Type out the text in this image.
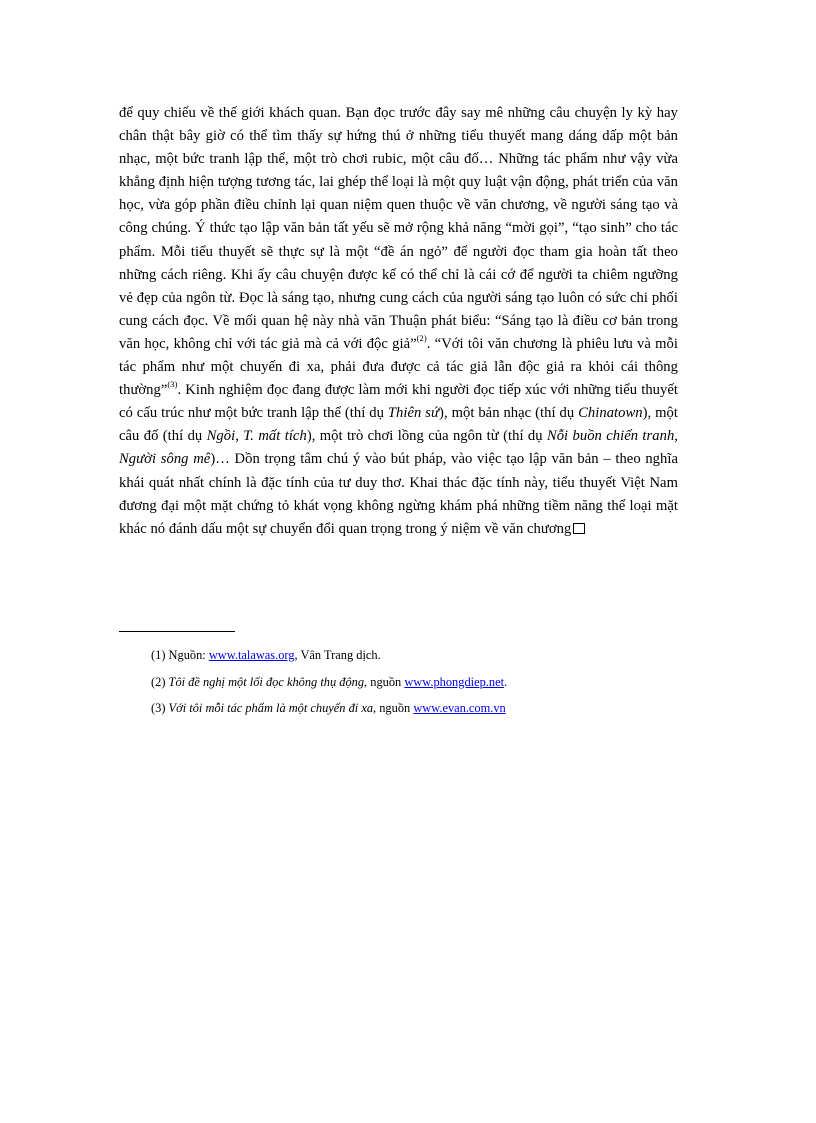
để quy chiếu về thế giới khách quan. Bạn đọc trước đây say mê những câu chuyện ly kỳ hay chân thật bây giờ có thể tìm thấy sự hứng thú ở những tiểu thuyết mang dáng dấp một bản nhạc, một bức tranh lập thể, một trò chơi rubic, một câu đố… Những tác phẩm như vậy vừa khẳng định hiện tượng tương tác, lai ghép thể loại là một quy luật vận động, phát triển của văn học, vừa góp phần điều chỉnh lại quan niệm quen thuộc về văn chương, về người sáng tạo và công chúng. Ý thức tạo lập văn bản tất yếu sẽ mở rộng khả năng “mời gọi”, “tạo sinh” cho tác phẩm. Mỗi tiểu thuyết sẽ thực sự là một “đề án ngỏ” để người đọc tham gia hoàn tất theo những cách riêng. Khi ấy câu chuyện được kể có thể chỉ là cái cớ để người ta chiêm ngưỡng vẻ đẹp của ngôn từ. Đọc là sáng tạo, nhưng cung cách của người sáng tạo luôn có sức chi phối cung cách đọc. Về mối quan hệ này nhà văn Thuận phát biểu: “Sáng tạo là điều cơ bản trong văn học, không chỉ với tác giả mà cả với độc giả”$^{(2)}$. “Với tôi văn chương là phiêu lưu và mỗi tác phẩm như một chuyến đi xa, phải đưa được cả tác giả lẫn độc giả ra khỏi cái thông thường”$^{(3)}$. Kinh nghiệm đọc đang được làm mới khi người đọc tiếp xúc với những tiểu thuyết có cấu trúc như một bức tranh lập thể (thí dụ Thiên sứ), một bản nhạc (thí dụ Chinatown), một câu đố (thí dụ Ngồi, T. mất tích), một trò chơi lồng của ngôn từ (thí dụ Nỗi buồn chiến tranh, Người sông mê)… Dồn trọng tâm chú ý vào bút pháp, vào việc tạo lập văn bản – theo nghĩa khái quát nhất chính là đặc tính của tư duy thơ. Khai thác đặc tính này, tiểu thuyết Việt Nam đương đại một mặt chứng tỏ khát vọng không ngừng khám phá những tiềm năng thể loại mặt khác nó đánh dấu một sự chuyển đổi quan trọng trong ý niệm về văn chương

(1) Nguồn: www.talawas.org, Vân Trang dịch.

(2) Tôi đề nghị một lối đọc không thụ động, nguồn www.phongdiep.net.

(3) Với tôi mỗi tác phẩm là một chuyến đi xa, nguồn www.evan.com.vn
